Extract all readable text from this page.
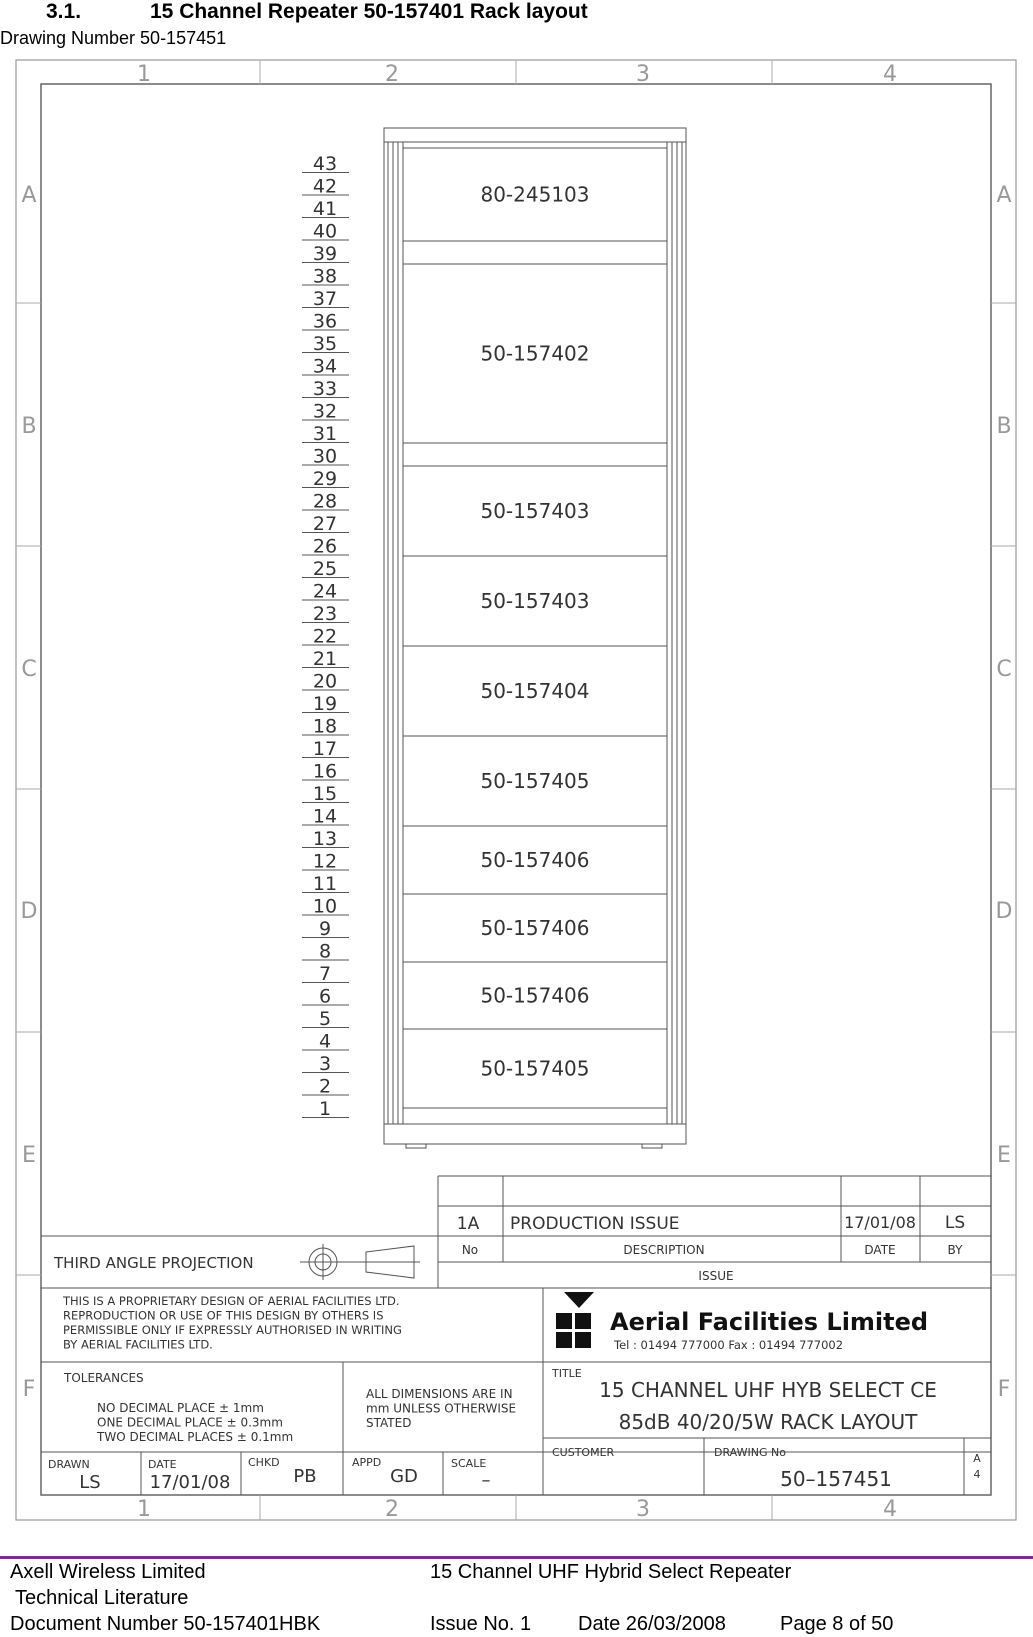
3.1.	15 Channel Repeater 50-157401 Rack layout
Drawing Number 50-157451
1
1
2
2
3
3
4
4
A	A
B	B
C	C
D	D
E	E
F	F
43
42
41
40
39
38
37
36
35
34
33
32
31
30
29
28
27
26
25
24
23
22
21
20
19
18
17
16
15
14
13
12
11
10
9
8
7
6
5
4
3
2
1
80-245103
50-157402
50-157403
50-157403
50-157404
50-157405
50-157406
50-157406
50-157406
50-157405
1A PRODUCTION ISSUE	17/01/08 LS
No	DESCRIPTION	DATE	BY
ISSUE
THIRD ANGLE PROJECTION
THIS IS A PROPRIETARY DESIGN OF AERIAL FACILITIES LTD.
REPRODUCTION OR USE OF THIS DESIGN BY OTHERS IS
PERMISSIBLE ONLY IF EXPRESSLY AUTHORISED IN WRITING
BY AERIAL FACILITIES LTD.
Aerial Facilities Limited
Tel : 01494 777000 Fax : 01494 777002
TOLERANCES
NO DECIMAL PLACE ± 1mm
ONE DECIMAL PLACE ± 0.3mm
TWO DECIMAL PLACES ± 0.1mm
ALL DIMENSIONS ARE IN
mm UNLESS OTHERWISE
STATED
TITLE
15 CHANNEL UHF HYB SELECT CE
85dB 40/20/5W RACK LAYOUT
DRAWN	DATE	CHKD	APPD	SCALE
CUSTOMER	DRAWING No	A
4
LS	17/01/08	PB	GD	–	50–157451
Axell Wireless Limited
Technical Literature
Document Number 50-157401HBK
15 Channel UHF Hybrid Select Repeater
Issue No. 1 Date 26/03/2008	Page 8 of 50
